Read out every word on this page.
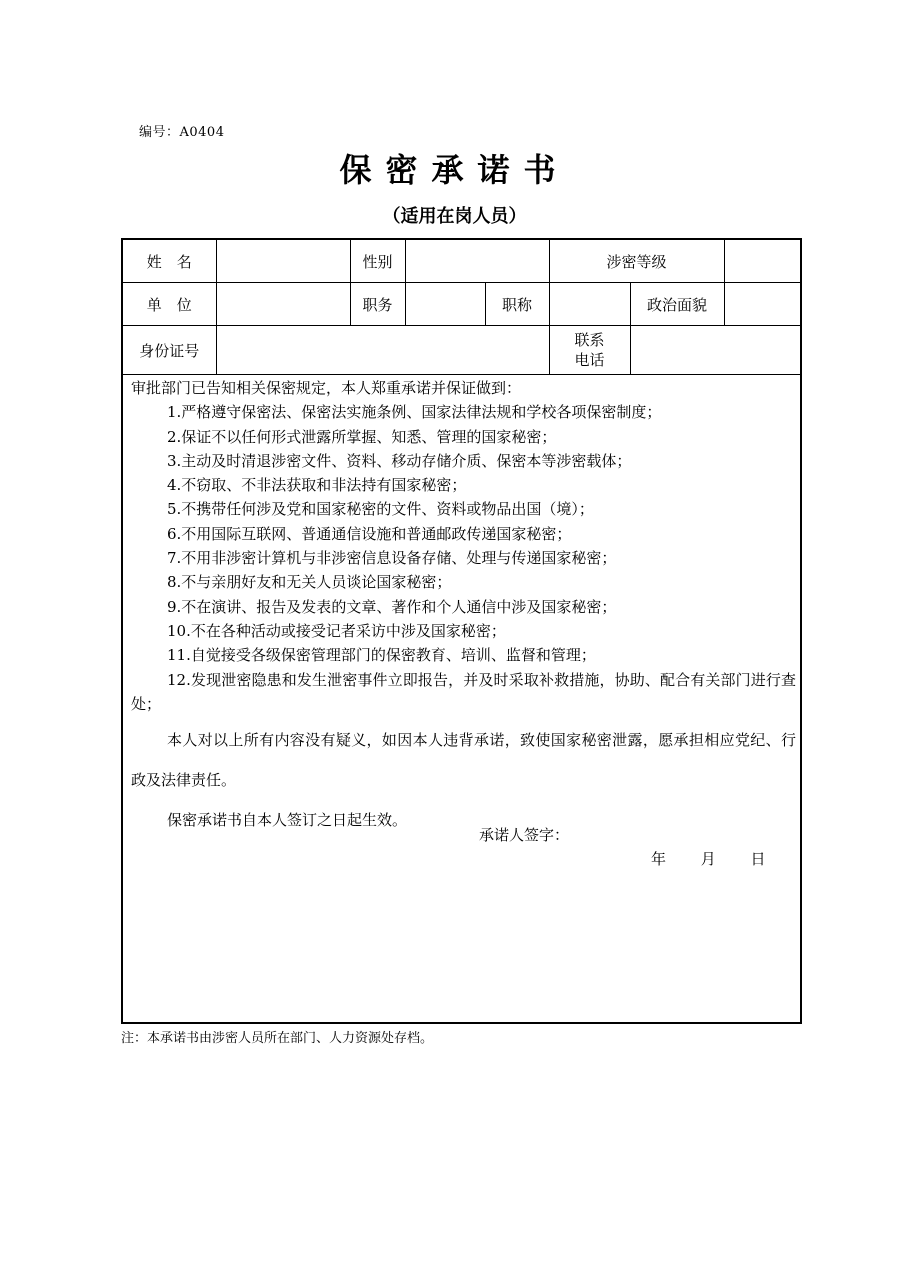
编号：A0404
保密承诺书
（适用在岗人员）
姓　名		性别			涉密等级		
单　位		职务		职称		政治面貌	
身份证号					联系
电话		

审批部门已告知相关保密规定，本人郑重承诺并保证做到：
1.严格遵守保密法、保密法实施条例、国家法律法规和学校各项保密制度；
2.保证不以任何形式泄露所掌握、知悉、管理的国家秘密；
3.主动及时清退涉密文件、资料、移动存储介质、保密本等涉密载体；
4.不窃取、不非法获取和非法持有国家秘密；
5.不携带任何涉及党和国家秘密的文件、资料或物品出国（境）；
6.不用国际互联网、普通通信设施和普通邮政传递国家秘密；
7.不用非涉密计算机与非涉密信息设备存储、处理与传递国家秘密；
8.不与亲朋好友和无关人员谈论国家秘密；
9.不在演讲、报告及发表的文章、著作和个人通信中涉及国家秘密；
10.不在各种活动或接受记者采访中涉及国家秘密；
11.自觉接受各级保密管理部门的保密教育、培训、监督和管理；
12.发现泄密隐患和发生泄密事件立即报告，并及时采取补救措施，协助、配合有关部门进行查处；
本人对以上所有内容没有疑义，如因本人违背承诺，致使国家秘密泄露，愿承担相应党纪、行政及法律责任。
保密承诺书自本人签订之日起生效。
承诺人签字：
年 月 日
注：本承诺书由涉密人员所在部门、人力资源处存档。
